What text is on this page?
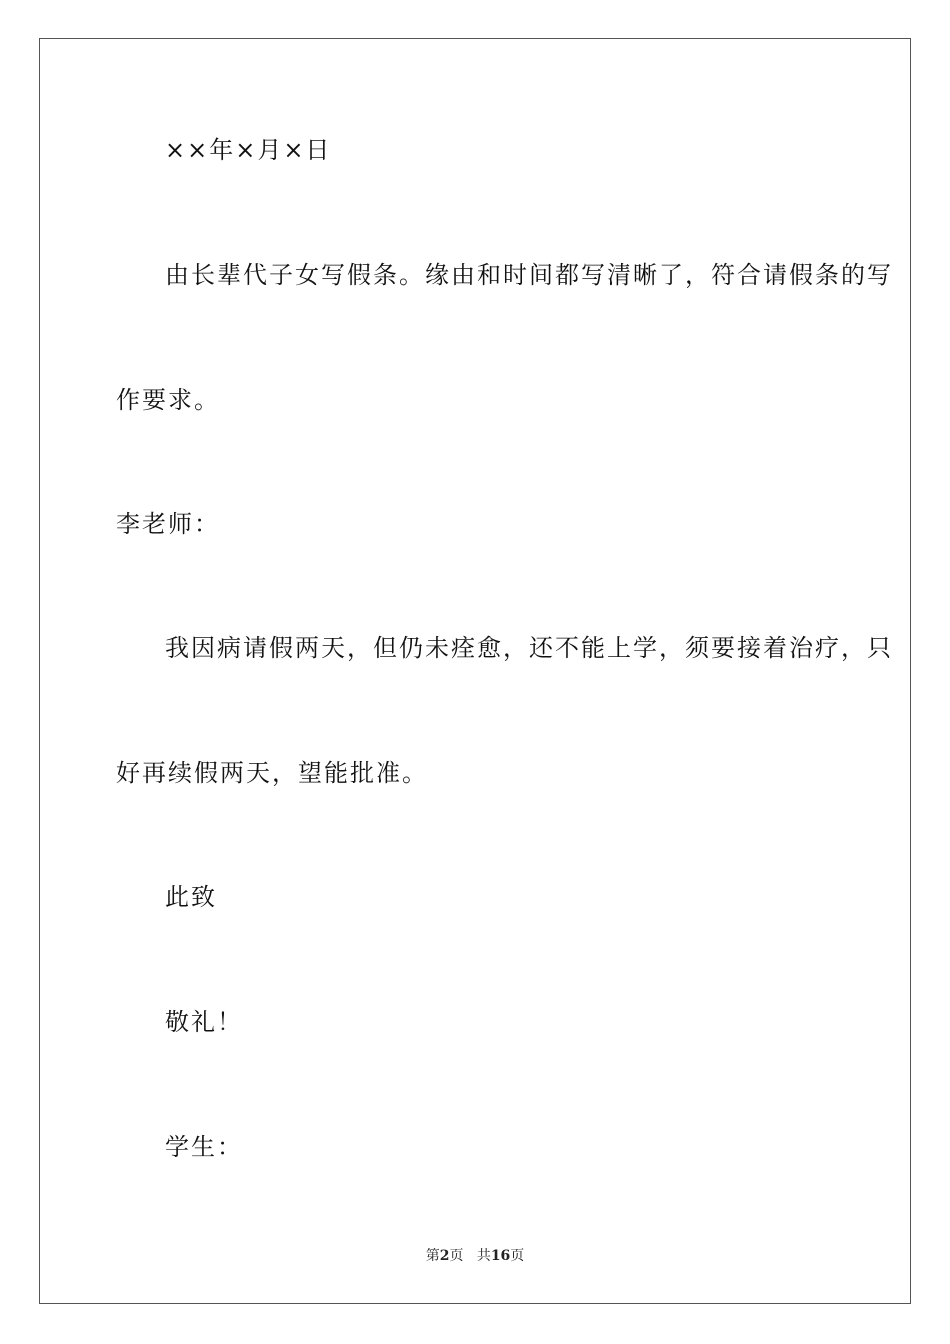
××年×月×日
由长辈代子女写假条。缘由和时间都写清晰了，符合请假条的写
作要求。
李老师：
我因病请假两天，但仍未痊愈，还不能上学，须要接着治疗，只
好再续假两天，望能批准。
此致
敬礼！
学生：
第2页 共16页
